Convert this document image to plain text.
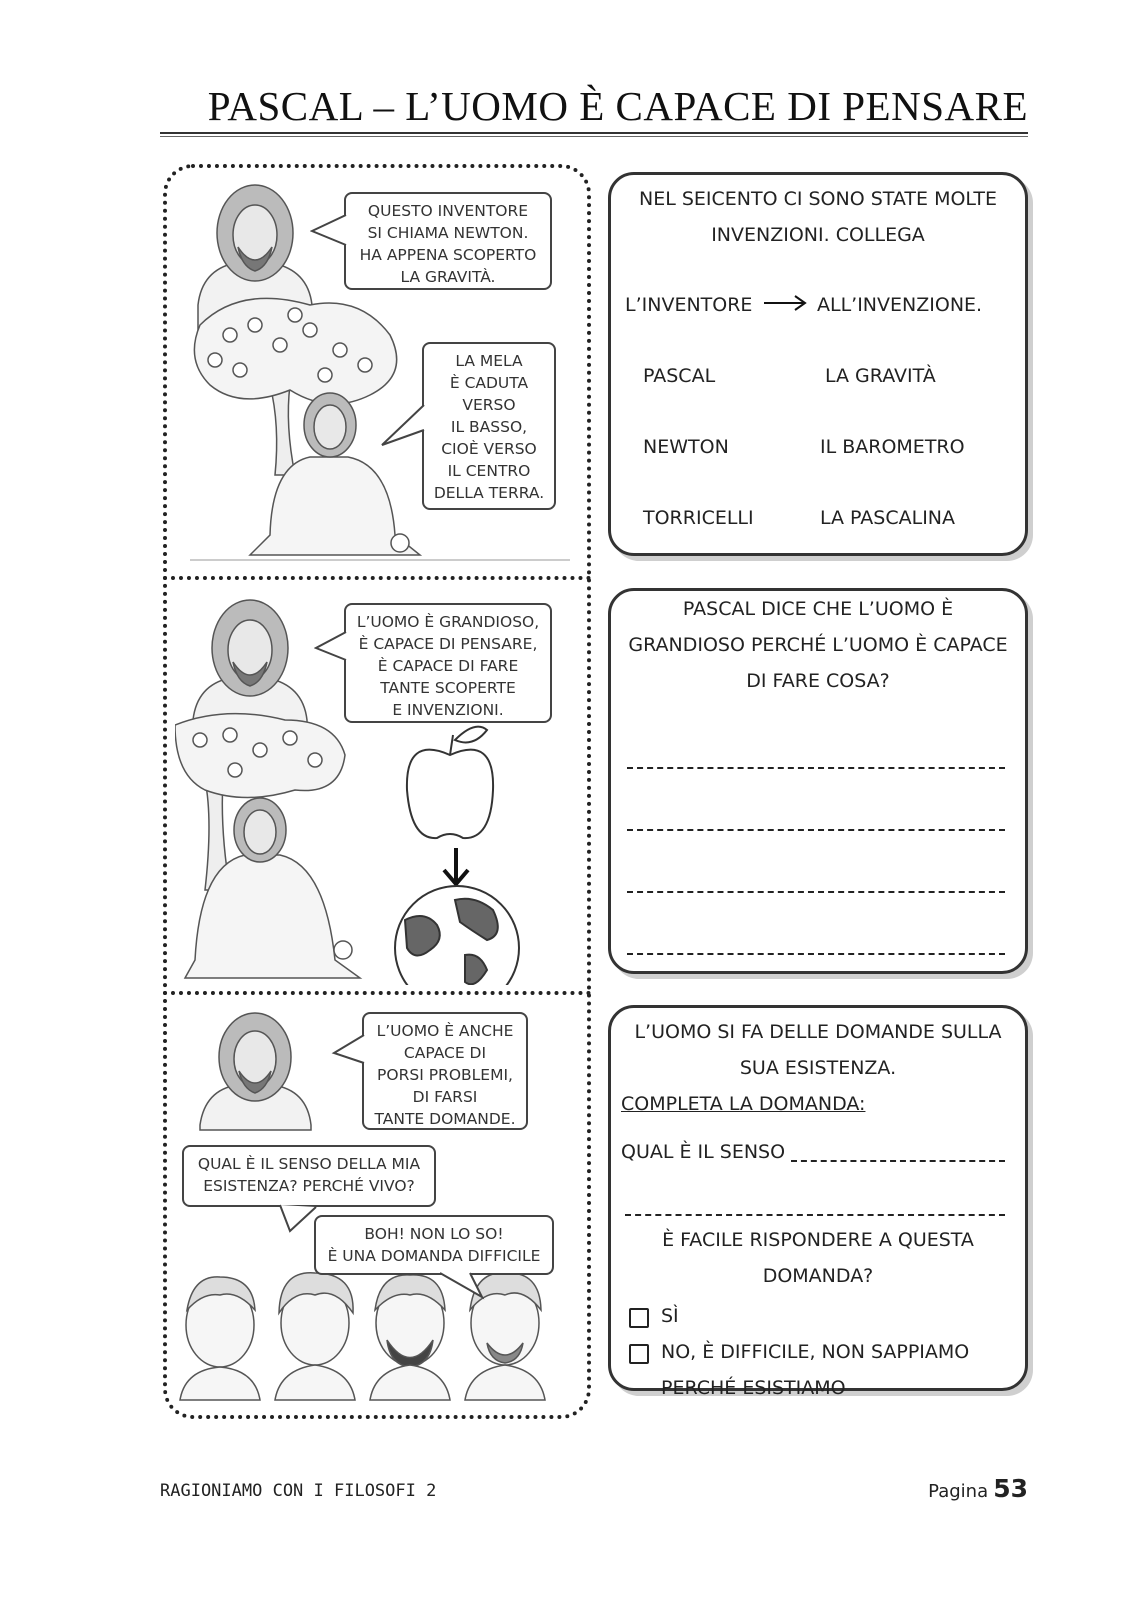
PASCAL – L’UOMO È CAPACE DI PENSARE
QUESTO INVENTORE
SI CHIAMA NEWTON.
HA APPENA SCOPERTO
LA GRAVITÀ.
LA MELA
È CADUTA
VERSO
IL BASSO,
CIOÈ VERSO
IL CENTRO
DELLA TERRA.
L’UOMO È GRANDIOSO,
È CAPACE DI PENSARE,
È CAPACE DI FARE
TANTE SCOPERTE
E INVENZIONI.
L’UOMO È ANCHE
CAPACE DI
PORSI PROBLEMI,
DI FARSI
TANTE DOMANDE.
QUAL È IL SENSO DELLA MIA
ESISTENZA? PERCHÉ VIVO?
BOH! NON LO SO!
È UNA DOMANDA DIFFICILE
NEL SEICENTO CI SONO STATE MOLTE
INVENZIONI. COLLEGA
L’INVENTORE	ALL’INVENZIONE.
PASCAL	LA GRAVITÀ
NEWTON	IL BAROMETRO
TORRICELLI	LA PASCALINA
PASCAL DICE CHE L’UOMO È
GRANDIOSO PERCHÉ L’UOMO È CAPACE
DI FARE COSA?
L’UOMO SI FA DELLE DOMANDE SULLA
SUA ESISTENZA.
COMPLETA LA DOMANDA:
QUAL È IL SENSO
È FACILE RISPONDERE A QUESTA
DOMANDA?
SÌ
NO, È DIFFICILE, NON SAPPIAMO
PERCHÉ ESISTIAMO
RAGIONIAMO CON I FILOSOFI 2	Pagina 53
